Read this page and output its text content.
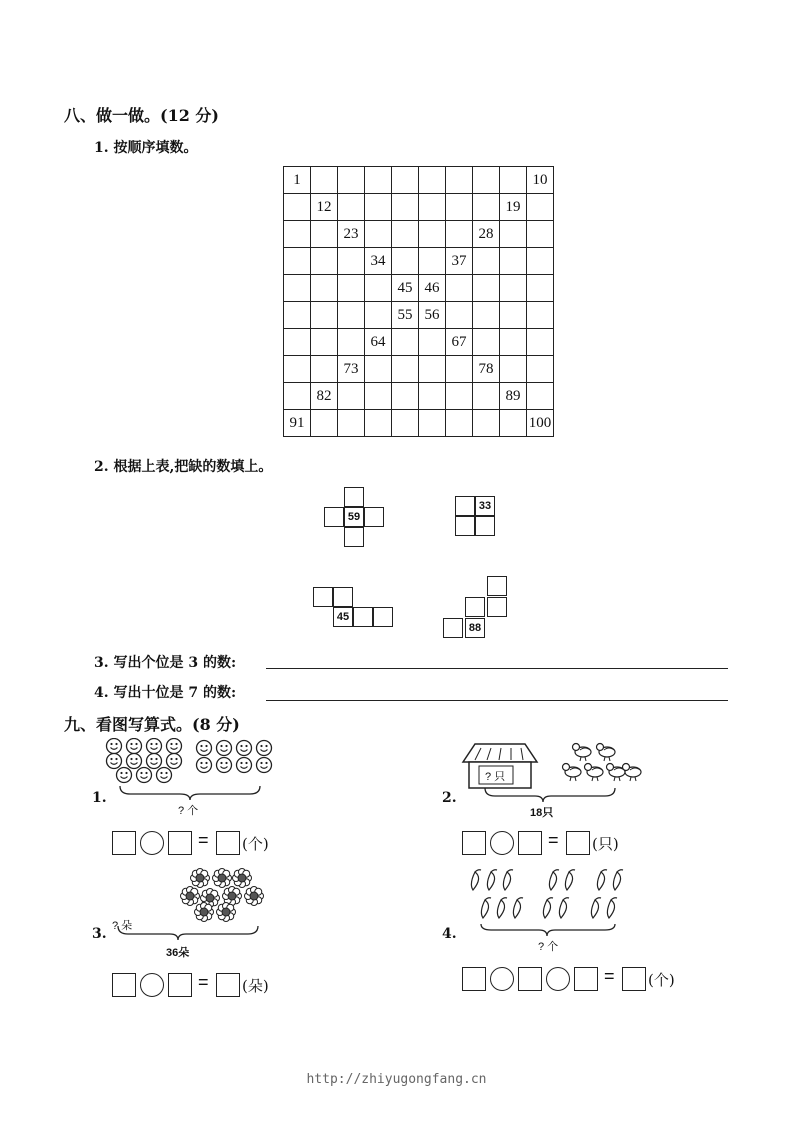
八、做一做。(12 分)
1. 按顺序填数。
1									10
	12							19	
		23					28		
			34			37			
				45	46				
				55	56				
			64			67			
		73					78		
	82							89	
91									100
2. 根据上表,把缺的数填上。
59
33
45
88
3. 写出个位是 3 的数:
4. 写出十位是 7 的数:
九、看图写算式。(8 分)
1.
? 个
= (个)
? 只
2.
18只
= (只)
? 朵
3.
36朵
= (朵)
4.
? 个
= (个)
http://zhiyugongfang.cn
